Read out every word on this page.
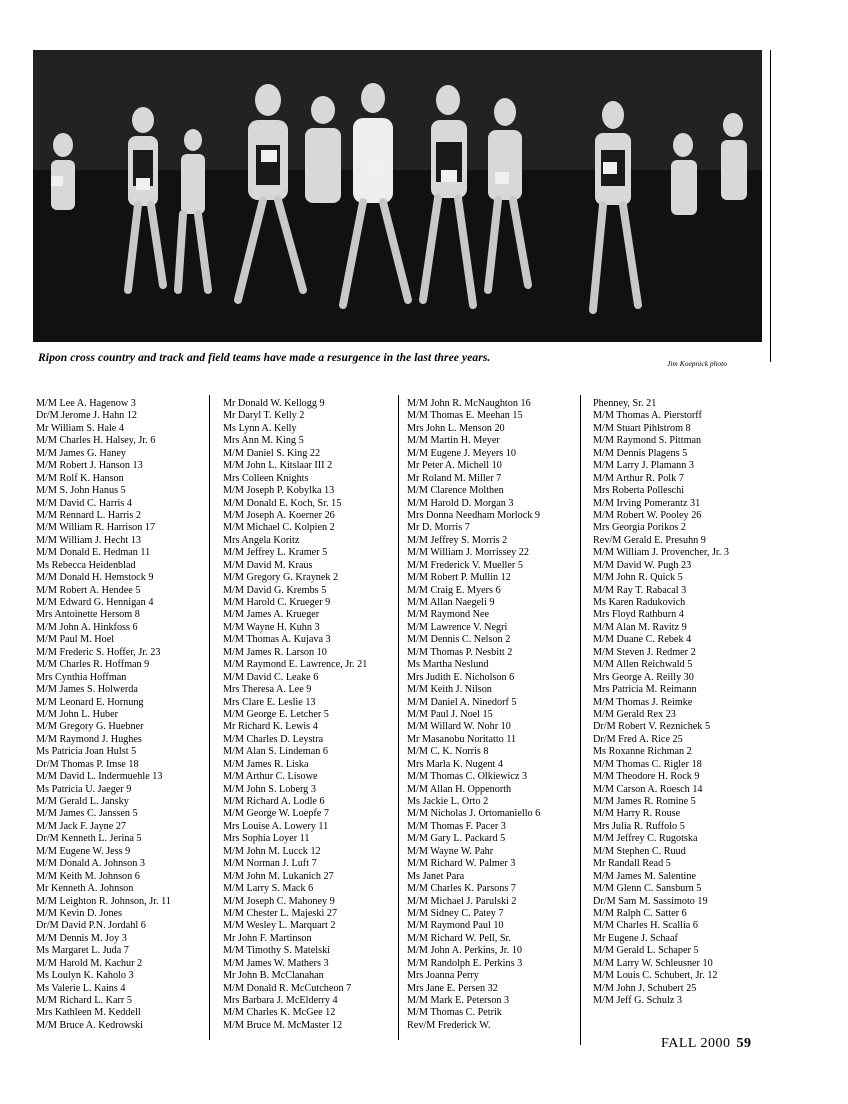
Ripon cross country and track and field teams have made a resurgence in the last three years.	Jim Koepnick photo
M/M Lee A. Hagenow 3
Dr/M Jerome J. Hahn 12
Mr William S. Hale 4
M/M Charles H. Halsey, Jr. 6
M/M James G. Haney
M/M Robert J. Hanson 13
M/M Rolf K. Hanson
M/M S. John Hanus 5
M/M David C. Harris 4
M/M Rennard L. Harris 2
M/M William R. Harrison 17
M/M William J. Hecht 13
M/M Donald E. Hedman 11
Ms Rebecca Heidenblad
M/M Donald H. Hemstock 9
M/M Robert A. Hendee 5
M/M Edward G. Hennigan 4
Mrs Antoinette Hersom 8
M/M John A. Hinkfoss 6
M/M Paul M. Hoel
M/M Frederic S. Hoffer, Jr. 23
M/M Charles R. Hoffman 9
Mrs Cynthia Hoffman
M/M James S. Holwerda
M/M Leonard E. Hornung
M/M John L. Huber
M/M Gregory G. Huebner
M/M Raymond J. Hughes
Ms Patricia Joan Hulst 5
Dr/M Thomas P. Imse 18
M/M David L. Indermuehle 13
Ms Patricia U. Jaeger 9
M/M Gerald L. Jansky
M/M James C. Janssen 5
M/M Jack F. Jayne 27
Dr/M Kenneth L. Jerina 5
M/M Eugene W. Jess 9
M/M Donald A. Johnson 3
M/M Keith M. Johnson 6
Mr Kenneth A. Johnson
M/M Leighton R. Johnson, Jr. 11
M/M Kevin D. Jones
Dr/M David P.N. Jordahl 6
M/M Dennis M. Joy 3
Ms Margaret L. Juda 7
M/M Harold M. Kachur 2
Ms Loulyn K. Kaholo 3
Ms Valerie L. Kains 4
M/M Richard L. Karr 5
Mrs Kathleen M. Keddell
M/M Bruce A. Kedrowski
Mr Donald W. Kellogg 9
Mr Daryl T. Kelly 2
Ms Lynn A. Kelly
Mrs Ann M. King 5
M/M Daniel S. King 22
M/M John L. Kitslaar III 2
Mrs Colleen Knights
M/M Joseph P. Kobylka 13
M/M Donald E. Koch, Sr. 15
M/M Joseph A. Koerner 26
M/M Michael C. Kolpien 2
Mrs Angela Koritz
M/M Jeffrey L. Kramer 5
M/M David M. Kraus
M/M Gregory G. Kraynek 2
M/M David G. Krembs 5
M/M Harold C. Krueger 9
M/M James A. Krueger
M/M Wayne H. Kuhn 3
M/M Thomas A. Kujava 3
M/M James R. Larson 10
M/M Raymond E. Lawrence, Jr. 21
M/M David C. Leake 6
Mrs Theresa A. Lee 9
Mrs Clare E. Leslie 13
M/M George E. Letcher 5
Mr Richard K. Lewis 4
M/M Charles D. Leystra
M/M Alan S. Lindeman 6
M/M James R. Liska
M/M Arthur C. Lisowe
M/M John S. Loberg 3
M/M Richard A. Lodle 6
M/M George W. Loepfe 7
Mrs Louise A. Lowery 11
Mrs Sophia Loyer 11
M/M John M. Lucck 12
M/M Norman J. Luft 7
M/M John M. Lukanich 27
M/M Larry S. Mack 6
M/M Joseph C. Mahoney 9
M/M Chester L. Majeski 27
M/M Wesley L. Marquart 2
Mr John F. Martinson
M/M Timothy S. Matelski
M/M James W. Mathers 3
Mr John B. McClanahan
M/M Donald R. McCutcheon 7
Mrs Barbara J. McElderry 4
M/M Charles K. McGee 12
M/M Bruce M. McMaster 12
M/M John R. McNaughton 16
M/M Thomas E. Meehan 15
Mrs John L. Menson 20
M/M Martin H. Meyer
M/M Eugene J. Meyers 10
Mr Peter A. Michell 10
Mr Roland M. Miller 7
M/M Clarence Molthen
M/M Harold D. Morgan 3
Mrs Donna Needham Morlock 9
Mr D. Morris 7
M/M Jeffrey S. Morris 2
M/M William J. Morrissey 22
M/M Frederick V. Mueller 5
M/M Robert P. Mullin 12
M/M Craig E. Myers 6
M/M Allan Naegeli 9
M/M Raymond Nee
M/M Lawrence V. Negri
M/M Dennis C. Nelson 2
M/M Thomas P. Nesbitt 2
Ms Martha Neslund
Mrs Judith E. Nicholson 6
M/M Keith J. Nilson
M/M Daniel A. Ninedorf 5
M/M Paul J. Noel 15
M/M Willard W. Nohr 10
Mr Masanobu Noritatto 11
M/M C. K. Norris 8
Mrs Marla K. Nugent 4
M/M Thomas C. Olkiewicz 3
M/M Allan H. Oppenorth
Ms Jackie L. Orto 2
M/M Nicholas J. Ortomaniello 6
M/M Thomas F. Pacer 3
M/M Gary L. Packard 5
M/M Wayne W. Pahr
M/M Richard W. Palmer 3
Ms Janet Para
M/M Charles K. Parsons 7
M/M Michael J. Parulski 2
M/M Sidney C. Patey 7
M/M Raymond Paul 10
M/M Richard W. Pell, Sr.
M/M John A. Perkins, Jr. 10
M/M Randolph E. Perkins 3
Mrs Joanna Perry
Mrs Jane E. Persen 32
M/M Mark E. Peterson 3
M/M Thomas C. Petrik
Rev/M Frederick W.
Phenney, Sr. 21
M/M Thomas A. Pierstorff
M/M Stuart Pihlstrom 8
M/M Raymond S. Pittman
M/M Dennis Plagens 5
M/M Larry J. Plamann 3
M/M Arthur R. Polk 7
Mrs Roberta Polleschi
M/M Irving Pomerantz 31
M/M Robert W. Pooley 26
Mrs Georgia Porikos 2
Rev/M Gerald E. Presuhn 9
M/M William J. Provencher, Jr. 3
M/M David W. Pugh 23
M/M John R. Quick 5
M/M Ray T. Rabacal 3
Ms Karen Radukovich
Mrs Floyd Rathburn 4
M/M Alan M. Ravitz 9
M/M Duane C. Rebek 4
M/M Steven J. Redmer 2
M/M Allen Reichwald 5
Mrs George A. Reilly 30
Mrs Patricia M. Reimann
M/M Thomas J. Reimke
M/M Gerald Rex 23
Dr/M Robert V. Reznichek 5
Dr/M Fred A. Rice 25
Ms Roxanne Richman 2
M/M Thomas C. Rigler 18
M/M Theodore H. Rock 9
M/M Carson A. Roesch 14
M/M James R. Romine 5
M/M Harry R. Rouse
Mrs Julia R. Ruffolo 5
M/M Jeffrey C. Rugotska
M/M Stephen C. Ruud
Mr Randall Read 5
M/M James M. Salentine
M/M Glenn C. Sansburn 5
Dr/M Sam M. Sassimoto 19
M/M Ralph C. Satter 6
M/M Charles H. Scallia 6
Mr Eugene J. Schaaf
M/M Gerald L. Schaper 5
M/M Larry W. Schleusner 10
M/M Louis C. Schubert, Jr. 12
M/M John J. Schubert 25
M/M Jeff G. Schulz 3
FALL 2000 59
